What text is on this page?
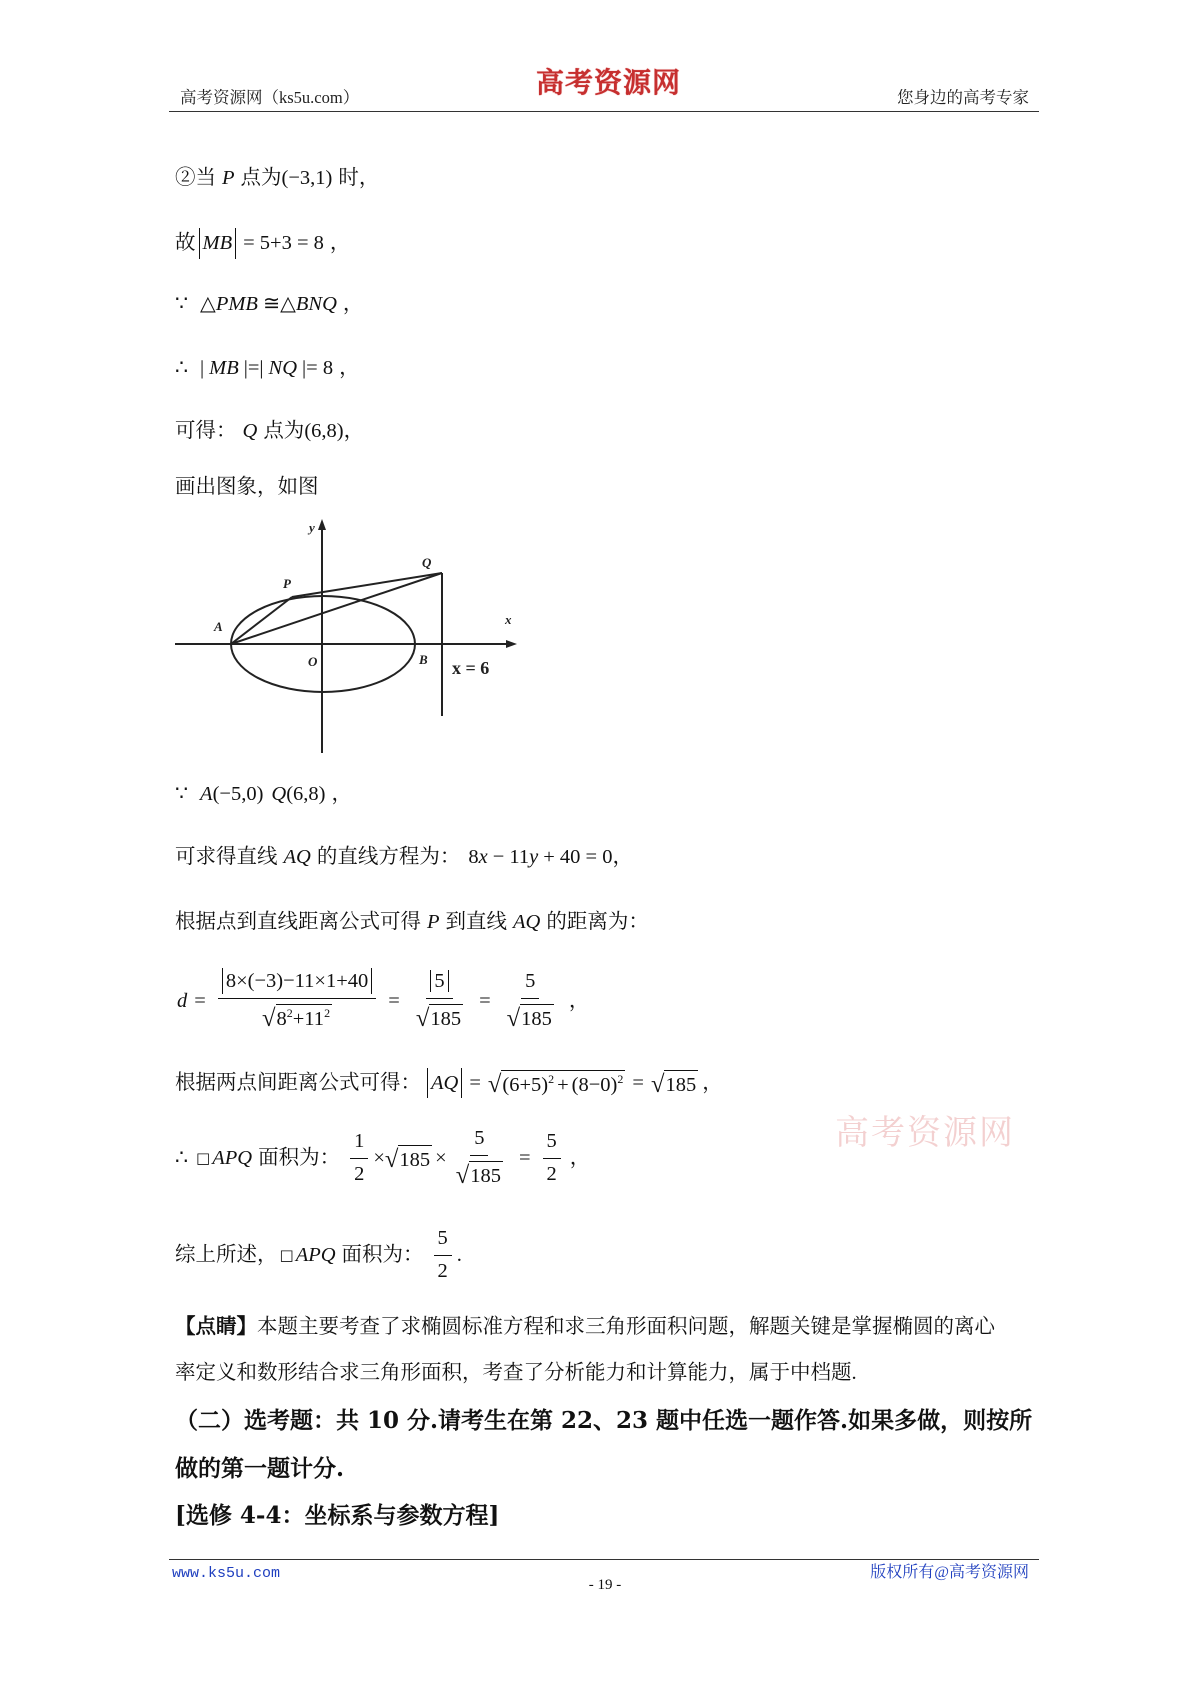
高考资源网（ks5u.com）	高考资源网	您身边的高考专家
②当 P 点为 (−3,1) 时，
故 MB = 5+3 = 8 ，
∵ △ PMB ≅△ BNQ ，
∴ | MB |=| NQ |= 8 ，
可得： Q 点为 (6,8) ，
画出图象，如图
y
x
A
O	B
P
Q
x = 6
∵ A (−5,0) Q (6,8) ，
可求得直线 AQ 的直线方程为： 8 x − 11 y + 40 = 0 ，
根据点到直线距离公式可得 P 到直线 AQ 的距离为：
$d = \frac{8\times(-3)-11\times 1+40}{√ 8^2+11^2} = \frac{5}{√ 185} = \frac{5}{√ 185}$ ，
根据两点间距离公式可得： AQ = √ $(6+5)^2 + (8-0)^2$ = √ 185 ，
∴ □ APQ 面积为： $\frac{1}{2}$ × √ $185 \times \frac{5}{√ 185} = \frac{5}{2}$ ，
综上所述， □ APQ 面积为： $\frac{5}{2}$ .
【点睛】 本题主要考查了求椭圆标准方程和求三角形面积问题，解题关键是掌握椭圆的离心
率定义和数形结合求三角形面积，考查了分析能力和计算能力，属于中档题.
（二）选考题：共 10 分.请考生在第 22、23 题中任选一题作答.如果多做，则按所
做的第一题计分.
[选修 4-4：坐标系与参数方程]
高考资源网
www.ks5u.com
- 19 -
版权所有@高考资源网
